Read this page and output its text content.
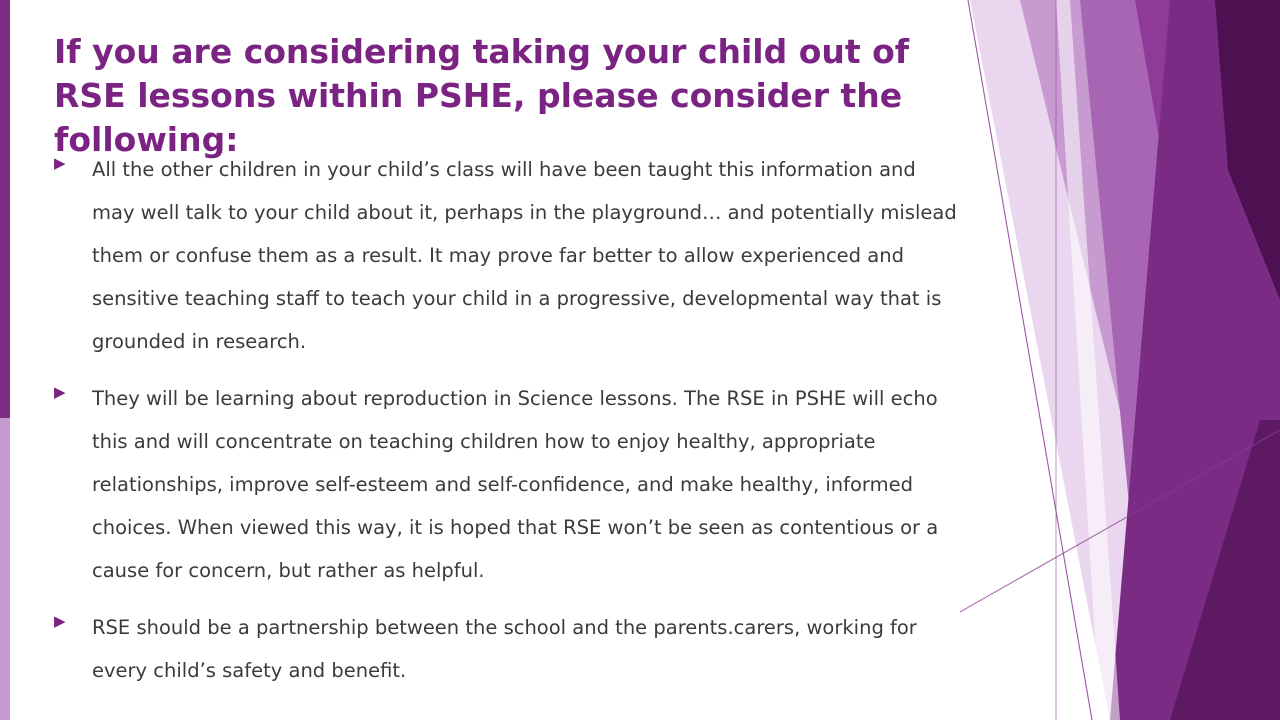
If you are considering taking your child out of RSE lessons within PSHE, please consider the following:
▶	All the other children in your child’s class will have been taught this information and may well talk to your child about it, perhaps in the playground… and potentially mislead them or confuse them as a result. It may prove far better to allow experienced and sensitive teaching staff to teach your child in a progressive, developmental way that is grounded in research.
▶	They will be learning about reproduction in Science lessons. The RSE in PSHE will echo this and will concentrate on teaching children how to enjoy healthy, appropriate relationships, improve self-esteem and self-confidence, and make healthy, informed choices. When viewed this way, it is hoped that RSE won’t be seen as contentious or a cause for concern, but rather as helpful.
▶	RSE should be a partnership between the school and the parents.carers, working for every child’s safety and benefit.
